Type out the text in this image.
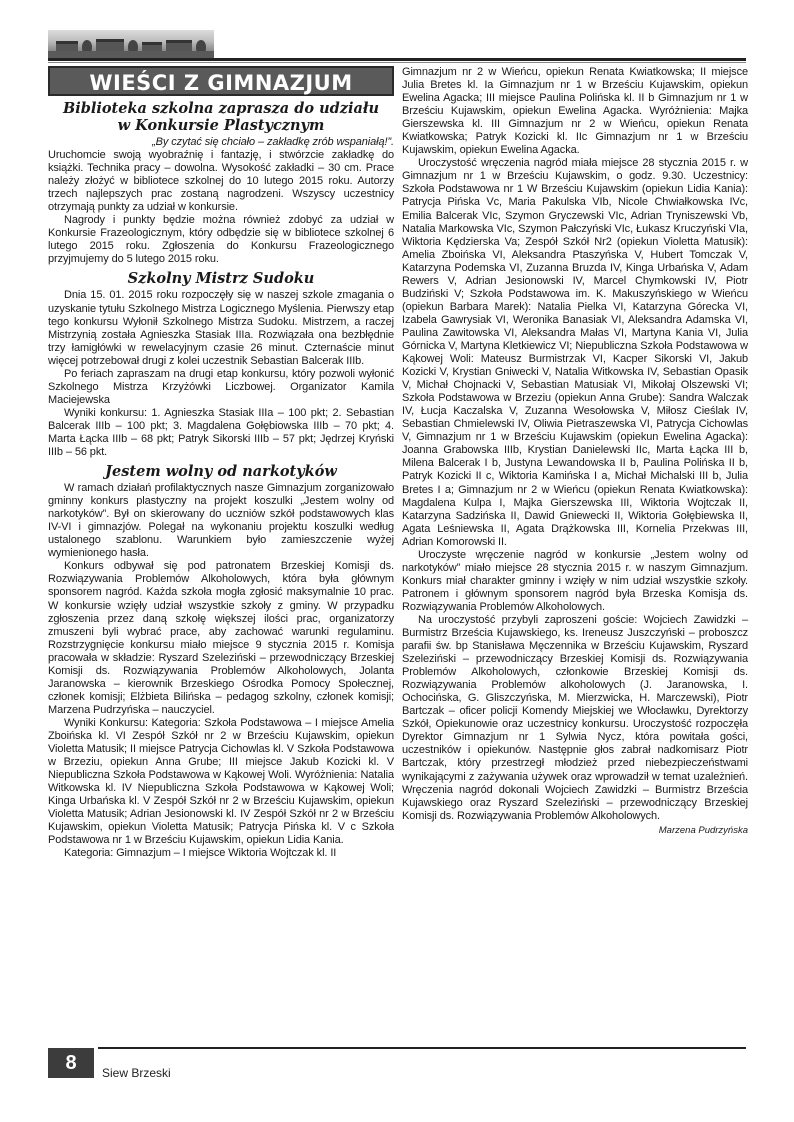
WIEŚCI Z GIMNAZJUM
Biblioteka szkolna zaprasza do udziału
w Konkursie Plastycznym

„By czytać się chciało – zakładkę zrób wspaniałą!”.

Uruchomcie swoją wyobraźnię i fantazję, i stwórzcie zakładkę do książki. Technika pracy – dowolna. Wysokość zakładki – 30 cm. Prace należy złożyć w bibliotece szkolnej do 10 lutego 2015 roku. Autorzy trzech najlepszych prac zostaną nagrodzeni. Wszyscy uczestnicy otrzymają punkty za udział w konkursie.

Nagrody i punkty będzie można również zdobyć za udział w Konkursie Frazeologicznym, który odbędzie się w bibliotece szkolnej 6 lutego 2015 roku. Zgłoszenia do Konkursu Frazeologicznego przyjmujemy do 5 lutego 2015 roku.

Szkolny Mistrz Sudoku

Dnia 15. 01. 2015 roku rozpoczęły się w naszej szkole zmagania o uzyskanie tytułu Szkolnego Mistrza Logicznego Myślenia. Pierwszy etap tego konkursu Wyłonił Szkolnego Mistrza Sudoku. Mistrzem, a raczej Mistrzynią została Agnieszka Stasiak IIIa. Rozwiązała ona bezbłędnie trzy łamigłówki w rewelacyjnym czasie 26 minut. Czternaście minut więcej potrzebował drugi z kolei uczestnik Sebastian Balcerak IIIb.

Po feriach zapraszam na drugi etap konkursu, który pozwoli wyłonić Szkolnego Mistrza Krzyżówki Liczbowej. Organizator Kamila Maciejewska

Wyniki konkursu: 1. Agnieszka Stasiak IIIa – 100 pkt; 2. Sebastian Balcerak IIIb – 100 pkt; 3. Magdalena Gołębiowska IIIb – 70 pkt; 4. Marta Łącka IIIb – 68 pkt; Patryk Sikorski IIIb – 57 pkt; Jędrzej Kryński IIIb – 56 pkt.

Jestem wolny od narkotyków

W ramach działań profilaktycznych nasze Gimnazjum zorganizowało gminny konkurs plastyczny na projekt koszulki „Jestem wolny od narkotyków”. Był on skierowany do uczniów szkół podstawowych klas IV-VI i gimnazjów. Polegał na wykonaniu projektu koszulki według ustalonego szablonu. Warunkiem było zamieszczenie wyżej wymienionego hasła.

Konkurs odbywał się pod patronatem Brzeskiej Komisji ds. Rozwiązywania Problemów Alkoholowych, która była głównym sponsorem nagród. Każda szkoła mogła zgłosić maksymalnie 10 prac. W konkursie wzięły udział wszystkie szkoły z gminy. W przypadku zgłoszenia przez daną szkołę większej ilości prac, organizatorzy zmuszeni byli wybrać prace, aby zachować warunki regulaminu. Rozstrzygnięcie konkursu miało miejsce 9 stycznia 2015 r. Komisja pracowała w składzie: Ryszard Szeleziński – przewodniczący Brzeskiej Komisji ds. Rozwiązywania Problemów Alkoholowych, Jolanta Jaranowska – kierownik Brzeskiego Ośrodka Pomocy Społecznej, członek komisji; Elżbieta Bilińska – pedagog szkolny, członek komisji; Marzena Pudrzyńska – nauczyciel.

Wyniki Konkursu: Kategoria: Szkoła Podstawowa – I miejsce Amelia Zboińska kl. VI Zespół Szkół nr 2 w Brześciu Kujawskim, opiekun Violetta Matusik; II miejsce Patrycja Cichowlas kl. V Szkoła Podstawowa w Brzeziu, opiekun Anna Grube; III miejsce Jakub Kozicki kl. V Niepubliczna Szkoła Podstawowa w Kąkowej Woli. Wyróżnienia: Natalia Witkowska kl. IV Niepubliczna Szkoła Podstawowa w Kąkowej Woli; Kinga Urbańska kl. V Zespół Szkół nr 2 w Brześciu Kujawskim, opiekun Violetta Matusik; Adrian Jesionowski kl. IV Zespół Szkół nr 2 w Brześciu Kujawskim, opiekun Violetta Matusik; Patrycja Pińska kl. V c Szkoła Podstawowa nr 1 w Brześciu Kujawskim, opiekun Lidia Kania.

Kategoria: Gimnazjum – I miejsce Wiktoria Wojtczak kl. II

Gimnazjum nr 2 w Wieńcu, opiekun Renata Kwiatkowska; II miejsce Julia Bretes kl. Ia Gimnazjum nr 1 w Brześciu Kujawskim, opiekun Ewelina Agacka; III miejsce Paulina Polińska kl. II b Gimnazjum nr 1 w Brześciu Kujawskim, opiekun Ewelina Agacka. Wyróżnienia: Majka Gierszewska kl. III Gimnazjum nr 2 w Wieńcu, opiekun Renata Kwiatkowska; Patryk Kozicki kl. IIc Gimnazjum nr 1 w Brześciu Kujawskim, opiekun Ewelina Agacka.

Uroczystość wręczenia nagród miała miejsce 28 stycznia 2015 r. w Gimnazjum nr 1 w Brześciu Kujawskim, o godz. 9.30. Uczestnicy: Szkoła Podstawowa nr 1 W Brześciu Kujawskim (opiekun Lidia Kania): Patrycja Pińska Vc, Maria Pakulska VIb, Nicole Chwiałkowska IVc, Emilia Balcerak VIc, Szymon Gryczewski VIc, Adrian Tryniszewski Vb, Natalia Markowska VIc, Szymon Pałczyński VIc, Łukasz Kruczyński VIa, Wiktoria Kędzierska Va; Zespół Szkół Nr2 (opiekun Violetta Matusik): Amelia Zboińska VI, Aleksandra Ptaszyńska V, Hubert Tomczak V, Katarzyna Podemska VI, Zuzanna Bruzda IV, Kinga Urbańska V, Adam Rewers V, Adrian Jesionowski IV, Marcel Chymkowski IV, Piotr Budziński V; Szkoła Podstawowa im. K. Makuszyńskiego w Wieńcu (opiekun Barbara Marek): Natalia Pielka VI, Katarzyna Górecka VI, Izabela Gawrysiak VI, Weronika Banasiak VI, Aleksandra Adamska VI, Paulina Zawitowska VI, Aleksandra Małas VI, Martyna Kania VI, Julia Górnicka V, Martyna Kletkiewicz VI; Niepubliczna Szkoła Podstawowa w Kąkowej Woli: Mateusz Burmistrzak VI, Kacper Sikorski VI, Jakub Kozicki V, Krystian Gniwecki V, Natalia Witkowska IV, Sebastian Opasik V, Michał Chojnacki V, Sebastian Matusiak VI, Mikołaj Olszewski VI; Szkoła Podstawowa w Brzeziu (opiekun Anna Grube): Sandra Walczak IV, Łucja Kaczalska V, Zuzanna Wesołowska V, Miłosz Cieślak IV, Sebastian Chmielewski IV, Oliwia Pietraszewska VI, Patrycja Cichowlas V, Gimnazjum nr 1 w Brześciu Kujawskim (opiekun Ewelina Agacka): Joanna Grabowska IIIb, Krystian Danielewski IIc, Marta Łącka III b, Milena Balcerak I b, Justyna Lewandowska II b, Paulina Polińska II b, Patryk Kozicki II c, Wiktoria Kamińska I a, Michał Michalski III b, Julia Bretes I a; Gimnazjum nr 2 w Wieńcu (opiekun Renata Kwiatkowska): Magdalena Kulpa I, Majka Gierszewska III, Wiktoria Wojtczak II, Katarzyna Sadzińska II, Dawid Gniewecki II, Wiktoria Gołębiewska II, Agata Leśniewska II, Agata Drążkowska III, Kornelia Przekwas III, Adrian Komorowski II.

Uroczyste wręczenie nagród w konkursie „Jestem wolny od narkotyków” miało miejsce 28 stycznia 2015 r. w naszym Gimnazjum. Konkurs miał charakter gminny i wzięły w nim udział wszystkie szkoły. Patronem i głównym sponsorem nagród była Brzeska Komisja ds. Rozwiązywania Problemów Alkoholowych.

Na uroczystość przybyli zaproszeni goście: Wojciech Zawidzki – Burmistrz Brześcia Kujawskiego, ks. Ireneusz Juszczyński – proboszcz parafii św. bp Stanisława Męczennika w Brześciu Kujawskim, Ryszard Szeleziński – przewodniczący Brzeskiej Komisji ds. Rozwiązywania Problemów Alkoholowych, członkowie Brzeskiej Komisji ds. Rozwiązywania Problemów alkoholowych (J. Jaranowska, I. Ochocińska, G. Gliszczyńska, M. Mierzwicka, H. Marczewski), Piotr Bartczak – oficer policji Komendy Miejskiej we Włocławku, Dyrektorzy Szkół, Opiekunowie oraz uczestnicy konkursu. Uroczystość rozpoczęła Dyrektor Gimnazjum nr 1 Sylwia Nycz, która powitała gości, uczestników i opiekunów. Następnie głos zabrał nadkomisarz Piotr Bartczak, który przestrzegł młodzież przed niebezpieczeństwami wynikającymi z zażywania używek oraz wprowadził w temat uzależnień. Wręczenia nagród dokonali Wojciech Zawidzki – Burmistrz Brześcia Kujawskiego oraz Ryszard Szeleziński – przewodniczący Brzeskiej Komisji ds. Rozwiązywania Problemów Alkoholowych.

Marzena Pudrzyńska
8	Siew Brzeski
